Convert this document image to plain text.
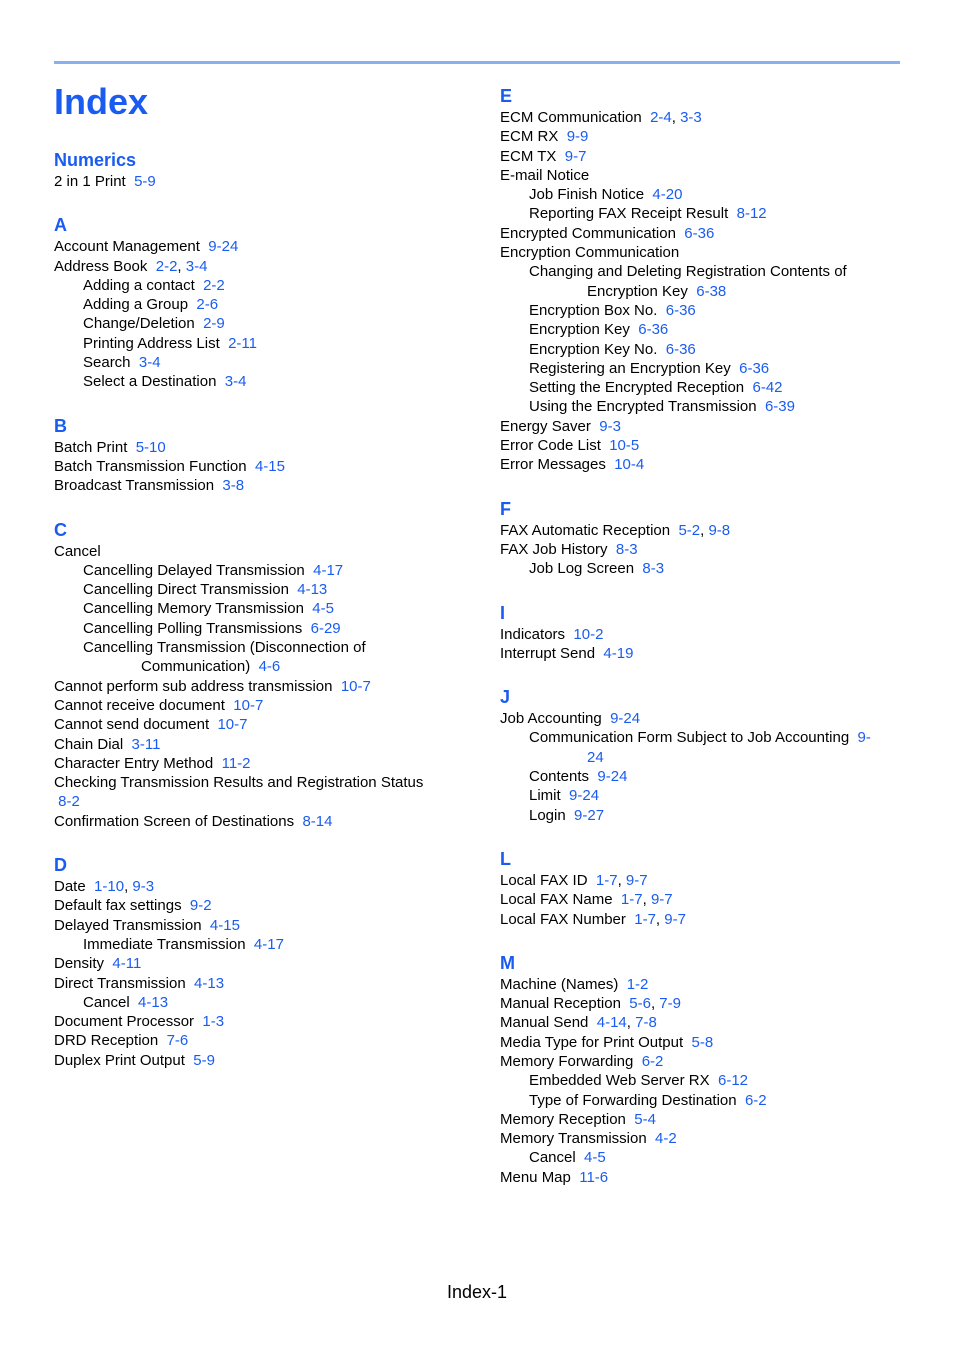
Index
Numerics
2 in 1 Print 5-9
A
Account Management 9-24
Address Book 2-2, 3-4
Adding a contact 2-2
Adding a Group 2-6
Change/Deletion 2-9
Printing Address List 2-11
Search 3-4
Select a Destination 3-4
B
Batch Print 5-10
Batch Transmission Function 4-15
Broadcast Transmission 3-8
C
Cancel
Cancelling Delayed Transmission 4-17
Cancelling Direct Transmission 4-13
Cancelling Memory Transmission 4-5
Cancelling Polling Transmissions 6-29
Cancelling Transmission (Disconnection of
Communication) 4-6
Cannot perform sub address transmission 10-7
Cannot receive document 10-7
Cannot send document 10-7
Chain Dial 3-11
Character Entry Method 11-2
Checking Transmission Results and Registration Status
8-2
Confirmation Screen of Destinations 8-14
D
Date 1-10, 9-3
Default fax settings 9-2
Delayed Transmission 4-15
Immediate Transmission 4-17
Density 4-11
Direct Transmission 4-13
Cancel 4-13
Document Processor 1-3
DRD Reception 7-6
Duplex Print Output 5-9
E
ECM Communication 2-4, 3-3
ECM RX 9-9
ECM TX 9-7
E-mail Notice
Job Finish Notice 4-20
Reporting FAX Receipt Result 8-12
Encrypted Communication 6-36
Encryption Communication
Changing and Deleting Registration Contents of
Encryption Key 6-38
Encryption Box No. 6-36
Encryption Key 6-36
Encryption Key No. 6-36
Registering an Encryption Key 6-36
Setting the Encrypted Reception 6-42
Using the Encrypted Transmission 6-39
Energy Saver 9-3
Error Code List 10-5
Error Messages 10-4
F
FAX Automatic Reception 5-2, 9-8
FAX Job History 8-3
Job Log Screen 8-3
I
Indicators 10-2
Interrupt Send 4-19
J
Job Accounting 9-24
Communication Form Subject to Job Accounting 9-
24
Contents 9-24
Limit 9-24
Login 9-27
L
Local FAX ID 1-7, 9-7
Local FAX Name 1-7, 9-7
Local FAX Number 1-7, 9-7
M
Machine (Names) 1-2
Manual Reception 5-6, 7-9
Manual Send 4-14, 7-8
Media Type for Print Output 5-8
Memory Forwarding 6-2
Embedded Web Server RX 6-12
Type of Forwarding Destination 6-2
Memory Reception 5-4
Memory Transmission 4-2
Cancel 4-5
Menu Map 11-6
Index-1
